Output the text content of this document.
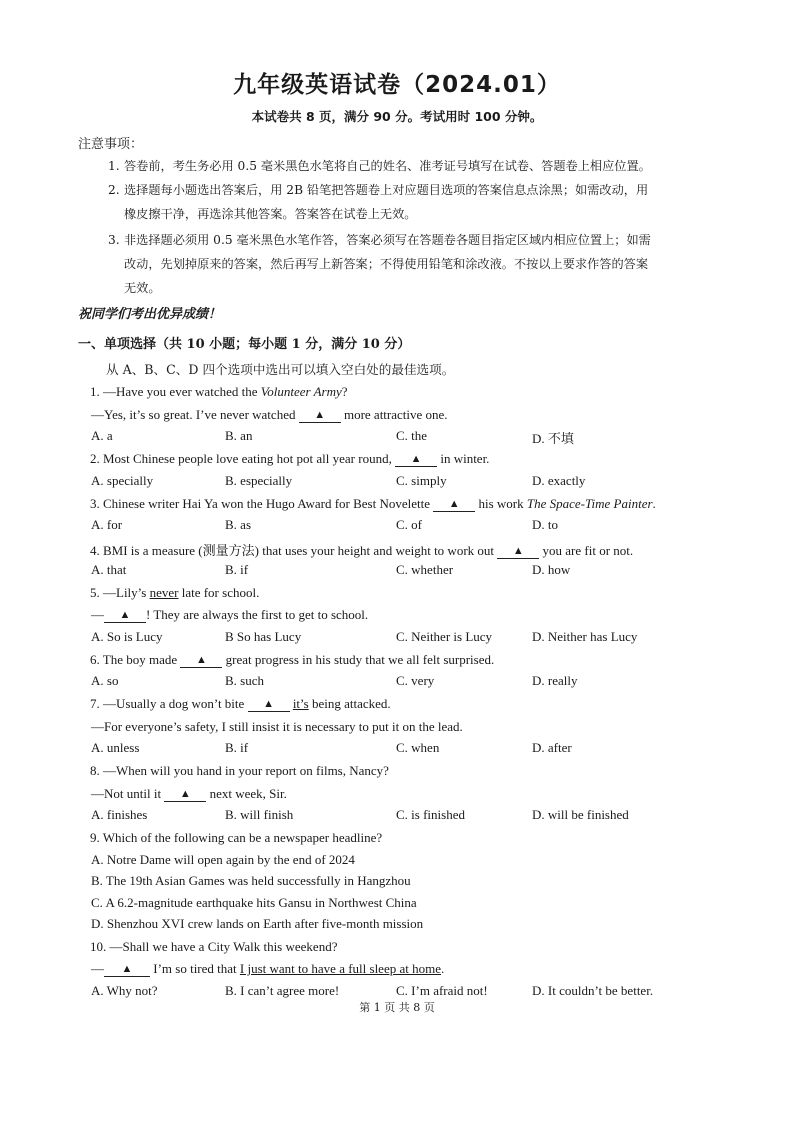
九年级英语试卷（2024.01）
本试卷共 8 页，满分 90 分。考试用时 100 分钟。
注意事项：
1. 答卷前，考生务必用 0.5 毫米黑色水笔将自己的姓名、准考证号填写在试卷、答题卷上相应位置。
2. 选择题每小题选出答案后，用 2B 铅笔把答题卷上对应题目选项的答案信息点涂黑；如需改动，用
橡皮擦干净，再选涂其他答案。答案答在试卷上无效。
3. 非选择题必须用 0.5 毫米黑色水笔作答，答案必须写在答题卷各题目指定区域内相应位置上；如需
改动，先划掉原来的答案，然后再写上新答案；不得使用铅笔和涂改液。不按以上要求作答的答案
无效。
祝同学们考出优异成绩！
一、单项选择（共 10 小题；每小题 1 分，满分 10 分）
从 A、B、C、D 四个选项中选出可以填入空白处的最佳选项。
1. —Have you ever watched the Volunteer Army?
—Yes, it’s so great. I’ve never watched ▲ more attractive one.
A. a	B. an	C. the	D. 不填
2. Most Chinese people love eating hot pot all year round, ▲ in winter.
A. specially	B. especially	C. simply	D. exactly
3. Chinese writer Hai Ya won the Hugo Award for Best Novelette ▲ his work The Space-Time Painter.
A. for	B. as	C. of	D. to
4. BMI is a measure (测量方法) that uses your height and weight to work out ▲ you are fit or not.
A. that	B. if	C. whether	D. how
5. —Lily’s never late for school.
— ▲ ! They are always the first to get to school.
A. So is Lucy	B So has Lucy	C. Neither is Lucy	D. Neither has Lucy
6. The boy made ▲ great progress in his study that we all felt surprised.
A. so	B. such	C. very	D. really
7. —Usually a dog won’t bite ▲ it’s being attacked.
—For everyone’s safety, I still insist it is necessary to put it on the lead.
A. unless	B. if	C. when	D. after
8. —When will you hand in your report on films, Nancy?
—Not until it ▲ next week, Sir.
A. finishes	B. will finish	C. is finished	D. will be finished
9. Which of the following can be a newspaper headline?
A. Notre Dame will open again by the end of 2024
B. The 19th Asian Games was held successfully in Hangzhou
C. A 6.2-magnitude earthquake hits Gansu in Northwest China
D. Shenzhou XVI crew lands on Earth after five-month mission
10. —Shall we have a City Walk this weekend?
— ▲ I’m so tired that I just want to have a full sleep at home.
A. Why not?	B. I can’t agree more!	C. I’m afraid not!	D. It couldn’t be better.
第 1 页 共 8 页
